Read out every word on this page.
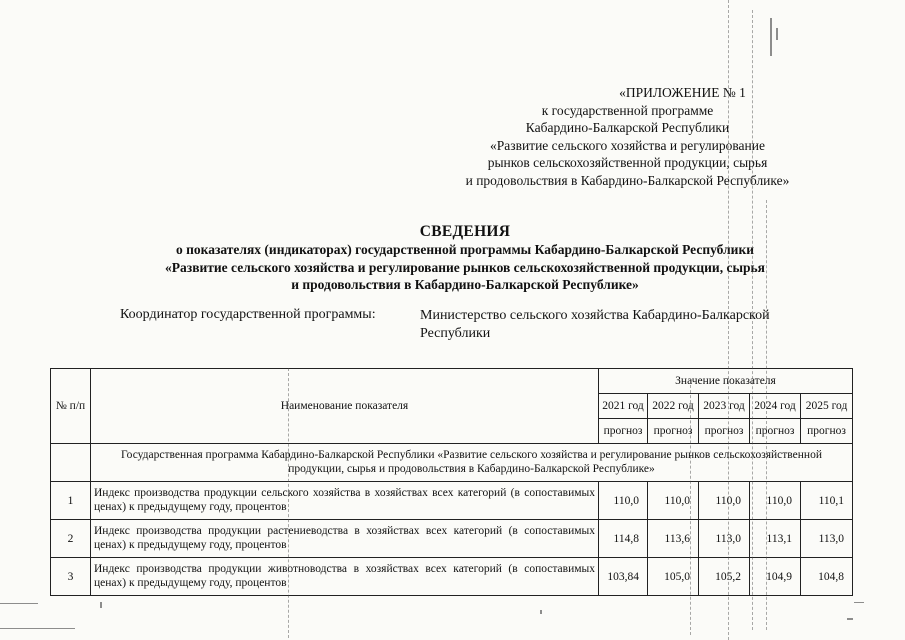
«ПРИЛОЖЕНИЕ № 1
к государственной программе
Кабардино-Балкарской Республики
«Развитие сельского хозяйства и регулирование
рынков сельскохозяйственной продукции, сырья
и продовольствия в Кабардино-Балкарской Республике»
СВЕДЕНИЯ
о показателях (индикаторах) государственной программы Кабардино-Балкарской Республики
«Развитие сельского хозяйства и регулирование рынков сельскохозяйственной продукции, сырья
и продовольствия в Кабардино-Балкарской Республике»
Координатор государственной программы:	Министерство сельского хозяйства Кабардино-Балкарской Республики
№ п/п	Наименование показателя	Значение показателя				
		2021 год	2022 год	2023 год	2024 год	2025 год
		прогноз	прогноз	прогноз	прогноз	прогноз
	Государственная программа Кабардино-Балкарской Республики «Развитие сельского хозяйства и регулирование рынков сельскохозяйственной продукции, сырья и продовольствия в Кабардино-Балкарской Республике»					
1	Индекс производства продукции сельского хозяйства в хозяйствах всех категорий (в сопоставимых ценах) к предыдущему году, процентов	110,0	110,0	110,0	110,0	110,1
2	Индекс производства продукции растениеводства в хозяйствах всех категорий (в сопоставимых ценах) к предыдущему году, процентов	114,8	113,6	113,0	113,1	113,0
3	Индекс производства продукции животноводства в хозяйствах всех категорий (в сопоставимых ценах) к предыдущему году, процентов	103,84	105,0	105,2	104,9	104,8
